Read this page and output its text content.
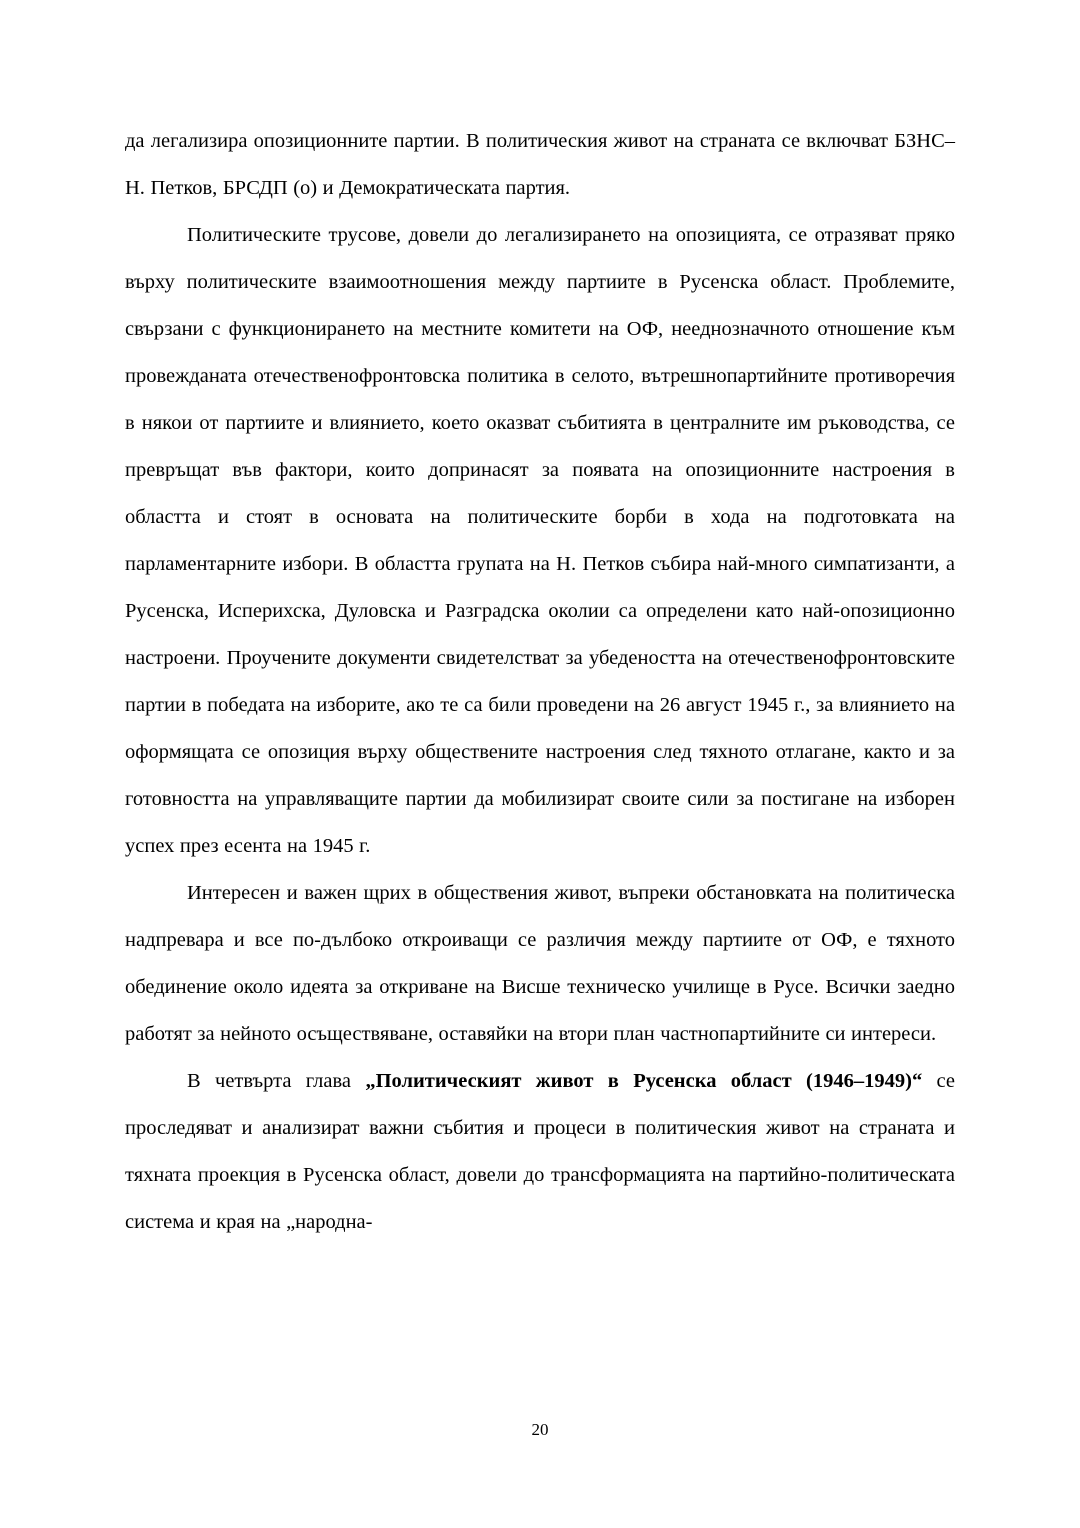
да легализира опозиционните партии. В политическия живот на страната се включват БЗНС–Н. Петков, БРСДП (о) и Демократическата партия.

Политическите трусове, довели до легализирането на опозицията, се отразяват пряко върху политическите взаимоотношения между партиите в Русенска област. Проблемите, свързани с функционирането на местните комитети на ОФ, нееднозначното отношение към провежданата отечественофронтовска политика в селото, вътрешнопартийните противоречия в някои от партиите и влиянието, което оказват събитията в централните им ръководства, се превръщат във фактори, които допринасят за появата на опозиционните настроения в областта и стоят в основата на политическите борби в хода на подготовката на парламентарните избори. В областта групата на Н. Петков събира най-много симпатизанти, а Русенска, Исперихска, Дуловска и Разградска околии са определени като най-опозиционно настроени. Проучените документи свидетелстват за убедеността на отечественофронтовските партии в победата на изборите, ако те са били проведени на 26 август 1945 г., за влиянието на оформящата се опозиция върху обществените настроения след тяхното отлагане, както и за готовността на управляващите партии да мобилизират своите сили за постигане на изборен успех през есента на 1945 г.

Интересен и важен щрих в обществения живот, въпреки обстановката на политическа надпревара и все по-дълбоко откроиващи се различия между партиите от ОФ, е тяхното обединение около идеята за откриване на Висше техническо училище в Русе. Всички заедно работят за нейното осъществяване, оставяйки на втори план частнопартийните си интереси.

В четвърта глава „Политическият живот в Русенска област (1946–1949)“ се проследяват и анализират важни събития и процеси в политическия живот на страната и тяхната проекция в Русенска област, довели до трансформацията на партийно-политическата система и края на „народна-

20
